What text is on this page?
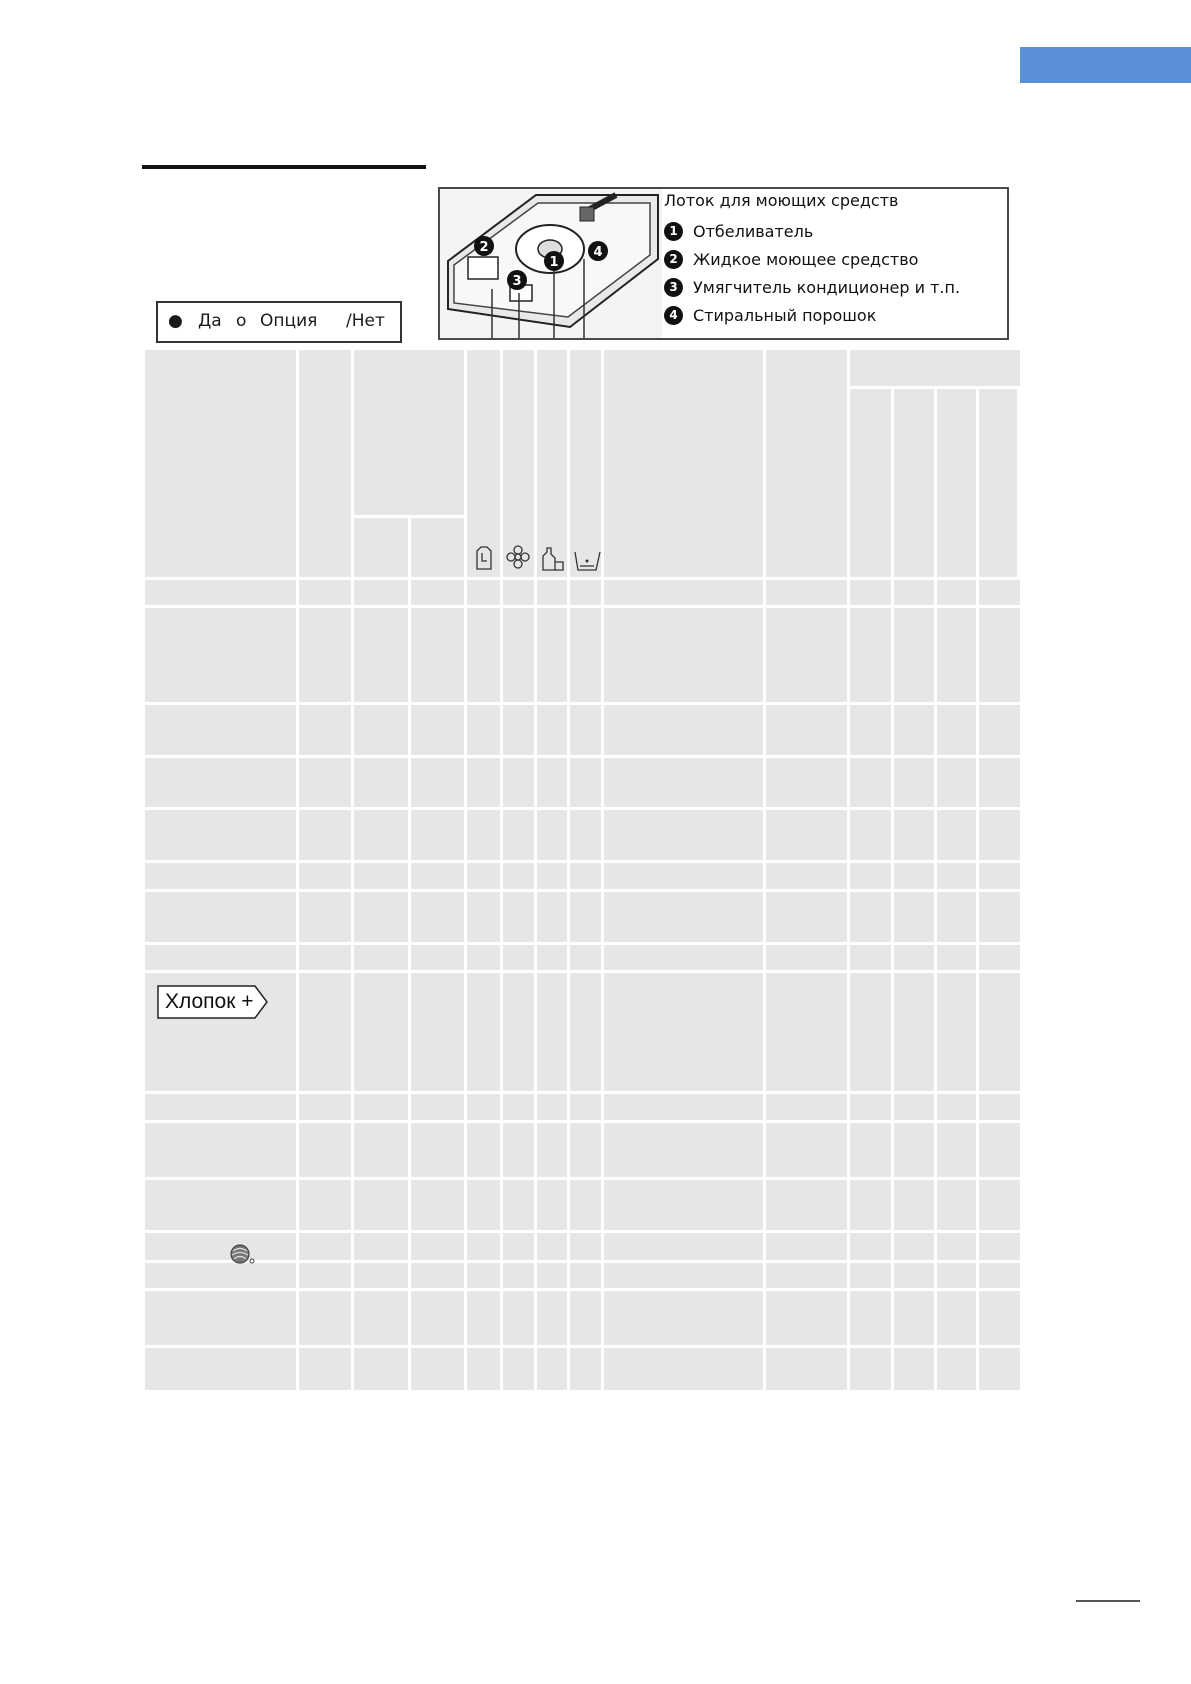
● Да o Опция /Нет
2
3
1
4
Лоток для моющих средств
1 Отбеливатель
2 Жидкое моющее средство
3 Умягчитель кондиционер и т.п.
4 Стиральный порошок
Хлопок +
